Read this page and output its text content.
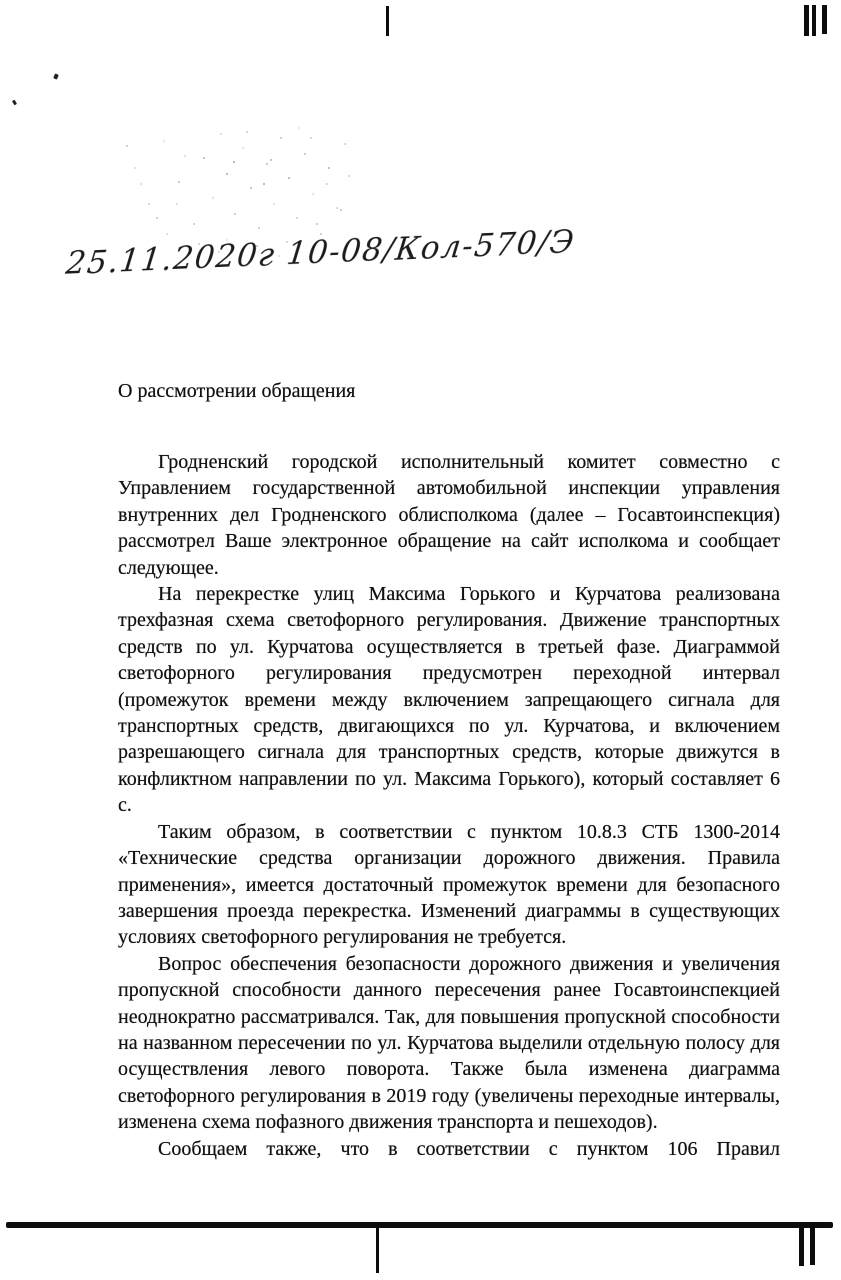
25.11.2020г 10-08/Кол-570/Э
О рассмотрении обращения

Гродненский городской исполнительный комитет совместно с Управлением государственной автомобильной инспекции управления внутренних дел Гродненского облисполкома (далее – Госавтоинспекция) рассмотрел Ваше электронное обращение на сайт исполкома и сообщает следующее.

На перекрестке улиц Максима Горького и Курчатова реализована трехфазная схема светофорного регулирования. Движение транспортных средств по ул. Курчатова осуществляется в третьей фазе. Диаграммой светофорного регулирования предусмотрен переходной интервал (промежуток времени между включением запрещающего сигнала для транспортных средств, двигающихся по ул. Курчатова, и включением разрешающего сигнала для транспортных средств, которые движутся в конфликтном направлении по ул. Максима Горького), который составляет 6 с.

Таким образом, в соответствии с пунктом 10.8.3 СТБ 1300-2014 «Технические средства организации дорожного движения. Правила применения», имеется достаточный промежуток времени для безопасного завершения проезда перекрестка. Изменений диаграммы в существующих условиях светофорного регулирования не требуется.

Вопрос обеспечения безопасности дорожного движения и увеличения пропускной способности данного пересечения ранее Госавтоинспекцией неоднократно рассматривался. Так, для повышения пропускной способности на названном пересечении по ул. Курчатова выделили отдельную полосу для осуществления левого поворота. Также была изменена диаграмма светофорного регулирования в 2019 году (увеличены переходные интервалы, изменена схема пофазного движения транспорта и пешеходов).

Сообщаем также, что в соответствии с пунктом 106 Правил
